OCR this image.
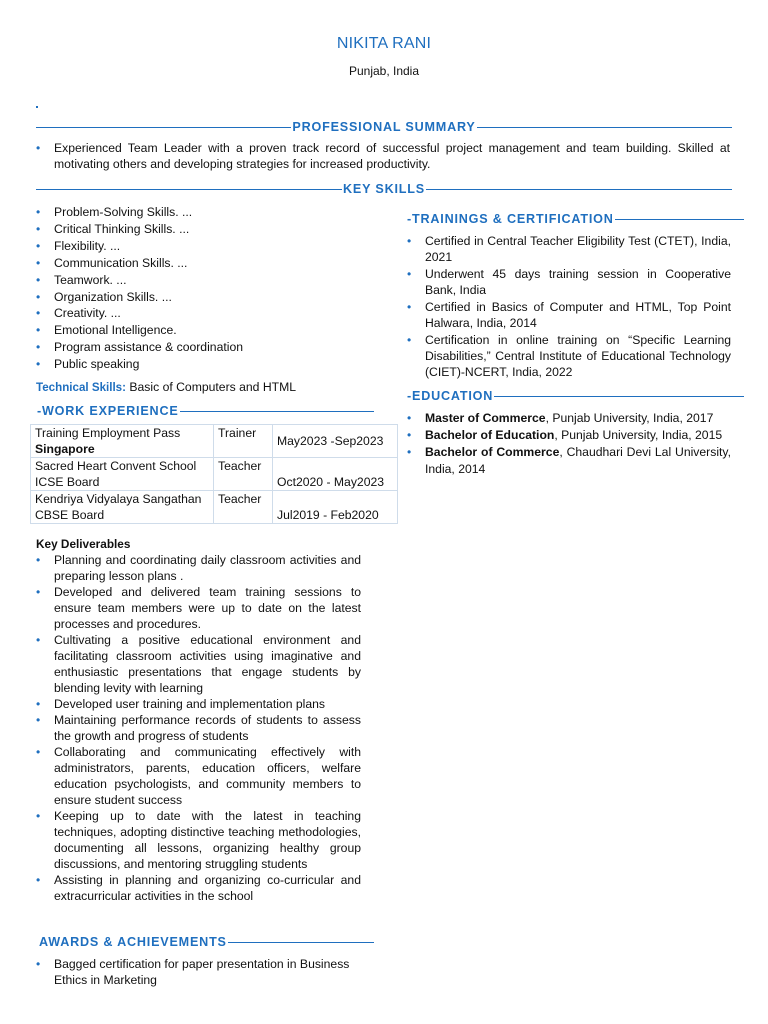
NIKITA RANI
Punjab, India
PROFESSIONAL SUMMARY
• Experienced Team Leader with a proven track record of successful project management and team building. Skilled at motivating others and developing strategies for increased productivity.
KEY SKILLS
• Problem-Solving Skills. ...
• Critical Thinking Skills. ...
• Flexibility. ...
• Communication Skills. ...
• Teamwork. ...
• Organization Skills. ...
• Creativity. ...
• Emotional Intelligence.
• Program assistance & coordination
• Public speaking
Technical Skills: Basic of Computers and HTML
-WORK EXPERIENCE
Training Employment Pass
Singapore	Trainer	May2023 -Sep2023

Sacred Heart Convent School
ICSE Board	Teacher	Oct2020 - May2023

Kendriya Vidyalaya Sangathan
CBSE Board	Teacher	Jul2019 - Feb2020
Key Deliverables
• Planning and coordinating daily classroom activities and preparing lesson plans .
• Developed and delivered team training sessions to ensure team members were up to date on the latest processes and procedures.
• Cultivating a positive educational environment and facilitating classroom activities using imaginative and enthusiastic presentations that engage students by blending levity with learning
• Developed user training and implementation plans
• Maintaining performance records of students to assess the growth and progress of students
• Collaborating and communicating effectively with administrators, parents, education officers, welfare education psychologists, and community members to ensure student success
• Keeping up to date with the latest in teaching techniques, adopting distinctive teaching methodologies, documenting all lessons, organizing healthy group discussions, and mentoring struggling students
• Assisting in planning and organizing co-curricular and extracurricular activities in the school
AWARDS & ACHIEVEMENTS
• Bagged certification for paper presentation in Business Ethics in Marketing
-TRAININGS & CERTIFICATION
• Certified in Central Teacher Eligibility Test (CTET), India, 2021
• Underwent 45 days training session in Cooperative Bank, India
• Certified in Basics of Computer and HTML, Top Point Halwara, India, 2014
• Certification in online training on “Specific Learning Disabilities,” Central Institute of Educational Technology (CIET)-NCERT, India, 2022
-EDUCATION
• Master of Commerce, Punjab University, India, 2017
• Bachelor of Education, Punjab University, India, 2015
• Bachelor of Commerce, Chaudhari Devi Lal University, India, 2014
